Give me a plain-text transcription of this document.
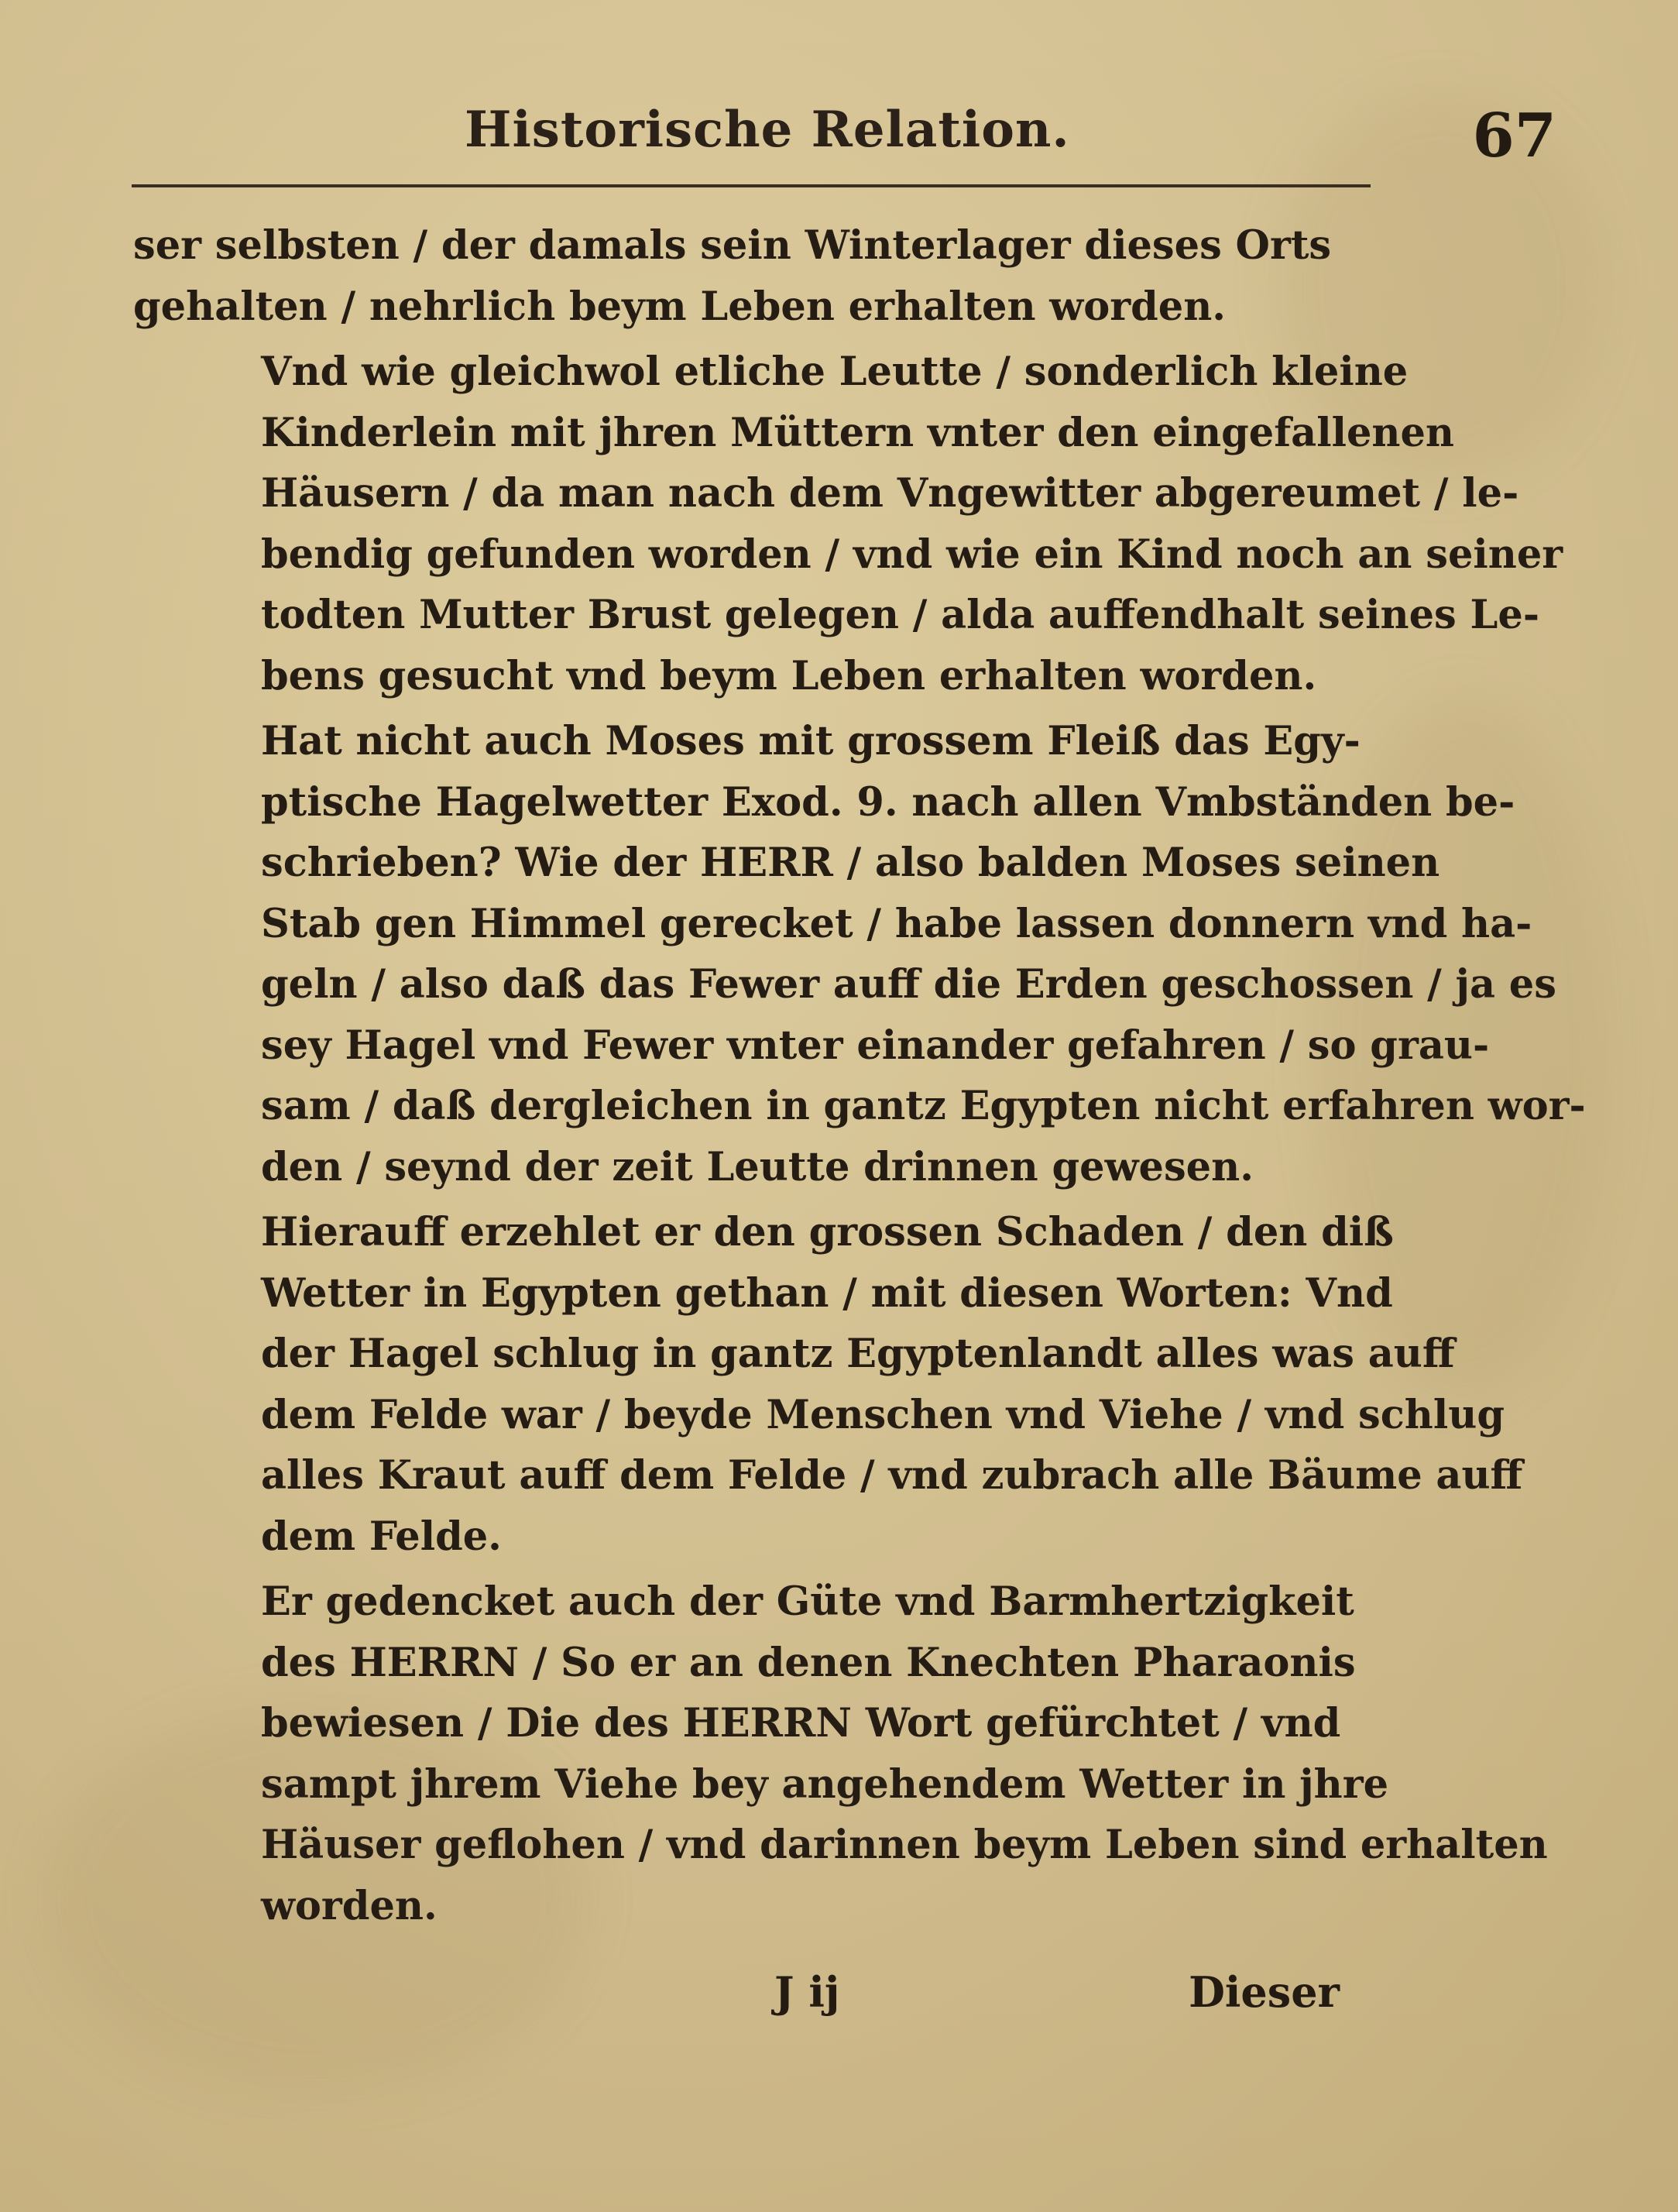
Historische Relation.	67

ser selbsten / der damals sein Winterlager dieses Orts
gehalten / nehrlich beym Leben erhalten worden.

Vnd wie gleichwol etliche Leutte / sonderlich kleine
Kinderlein mit jhren Müttern vnter den eingefallenen
Häusern / da man nach dem Vngewitter abgereumet / le-
bendig gefunden worden / vnd wie ein Kind noch an seiner
todten Mutter Brust gelegen / alda auffendhalt seines Le-
bens gesucht vnd beym Leben erhalten worden.

Hat nicht auch Moses mit grossem Fleiß das Egy-
ptische Hagelwetter Exod. 9. nach allen Vmbständen be-
schrieben? Wie der HERR / also balden Moses seinen
Stab gen Himmel gerecket / habe lassen donnern vnd ha-
geln / also daß das Fewer auff die Erden geschossen / ja es
sey Hagel vnd Fewer vnter einander gefahren / so grau-
sam / daß dergleichen in gantz Egypten nicht erfahren wor-
den / seynd der zeit Leutte drinnen gewesen.

Hierauff erzehlet er den grossen Schaden / den diß
Wetter in Egypten gethan / mit diesen Worten: Vnd
der Hagel schlug in gantz Egyptenlandt alles was auff
dem Felde war / beyde Menschen vnd Viehe / vnd schlug
alles Kraut auff dem Felde / vnd zubrach alle Bäume auff
dem Felde.

Er gedencket auch der Güte vnd Barmhertzigkeit
des HERRN / So er an denen Knechten Pharaonis
bewiesen / Die des HERRN Wort gefürchtet / vnd
sampt jhrem Viehe bey angehendem Wetter in jhre
Häuser geflohen / vnd darinnen beym Leben sind erhalten
worden.

J ij	Dieser
